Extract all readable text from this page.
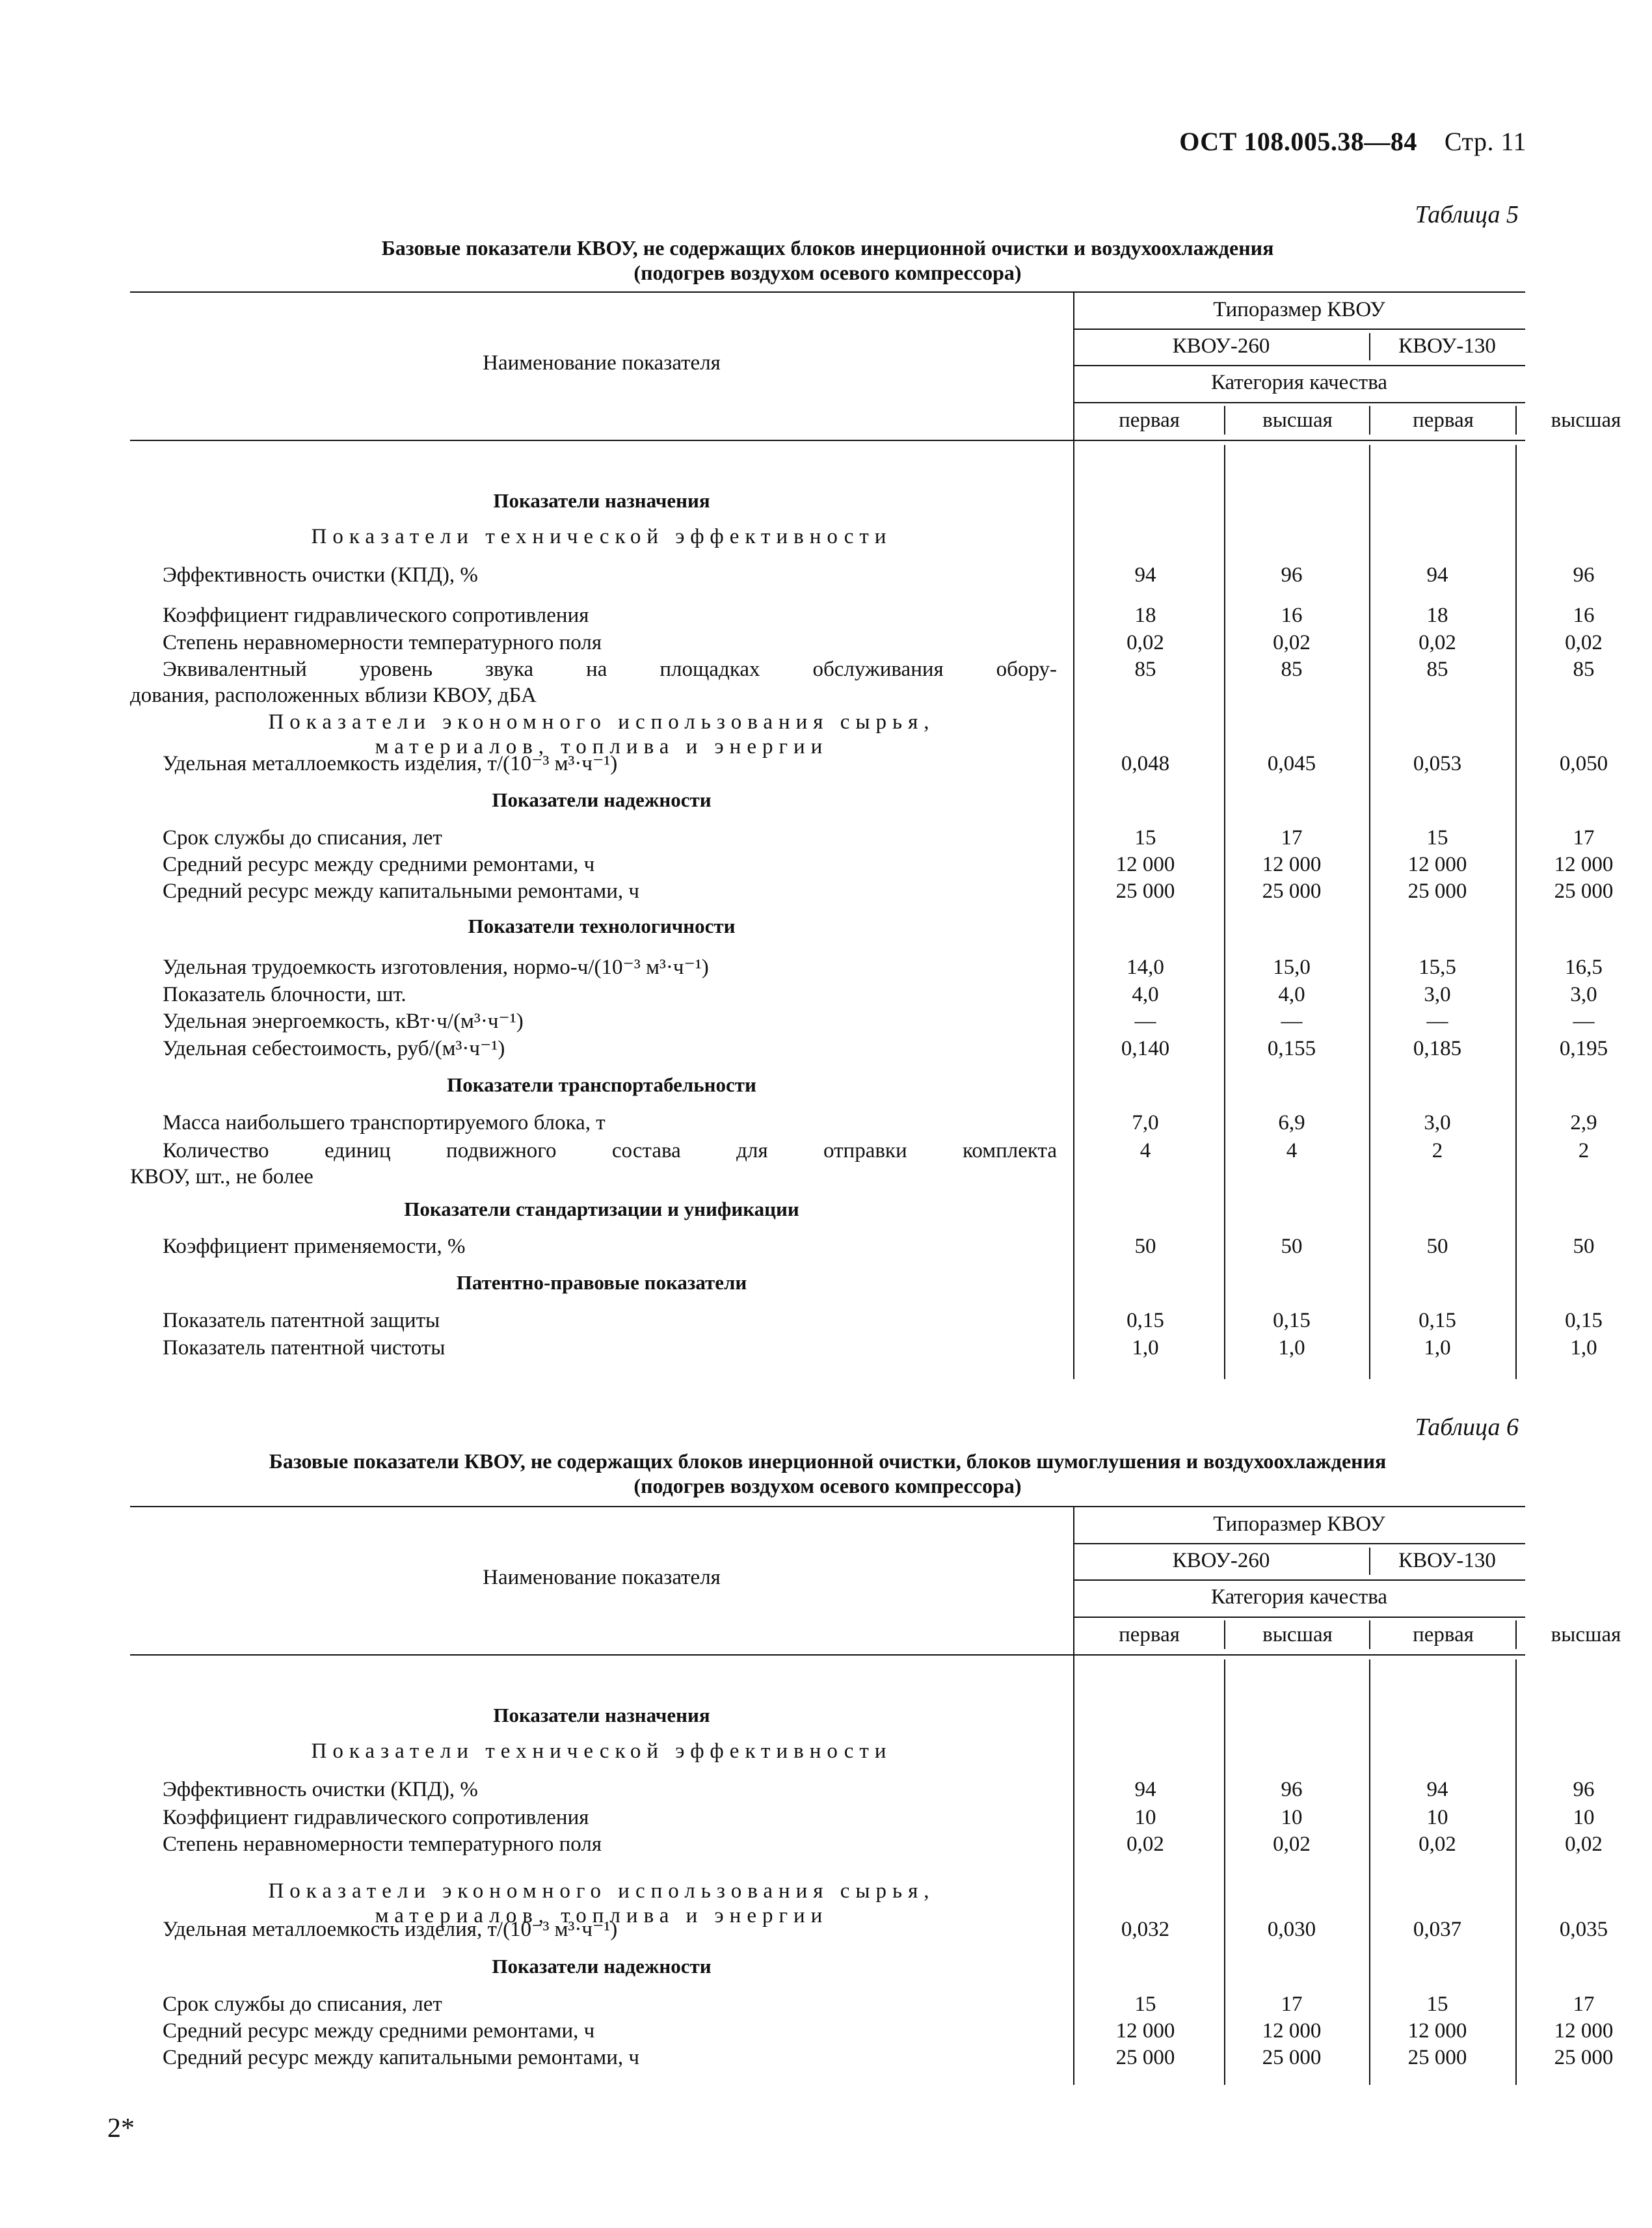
ОСТ 108.005.38—84 Стр. 11
Таблица 5
Базовые показатели КВОУ, не содержащих блоков инерционной очистки и воздухоохлаждения
(подогрев воздухом осевого компрессора)
Наименование показателя
Типоразмер КВОУ
КВОУ-260	КВОУ-130
Категория качества
первая	высшая	первая	высшая
Показатели назначения
Показатели технической эффективности
Эффективность очистки (КПД), %	94	96	94	96
Коэффициент гидравлического сопротивления	18	16	18	16
Степень неравномерности температурного поля	0,02	0,02	0,02	0,02
Эквивалентный уровень звука на площадках обслуживания обору-
дования, расположенных вблизи КВОУ, дБА
85	85	85	85
Показатели экономного использования сырья,
материалов, топлива и энергии
Удельная металлоемкость изделия, т/(10⁻³ м³·ч⁻¹)	0,048	0,045	0,053	0,050
Показатели надежности
Срок службы до списания, лет	15	17	15	17
Средний ресурс между средними ремонтами, ч	12 000	12 000	12 000	12 000
Средний ресурс между капитальными ремонтами, ч	25 000	25 000	25 000	25 000
Показатели технологичности
Удельная трудоемкость изготовления, нормо-ч/(10⁻³ м³·ч⁻¹)	14,0	15,0	15,5	16,5
Показатель блочности, шт.	4,0	4,0	3,0	3,0
Удельная энергоемкость, кВт·ч/(м³·ч⁻¹)	—	—	—	—
Удельная себестоимость, руб/(м³·ч⁻¹)	0,140	0,155	0,185	0,195
Показатели транспортабельности
Масса наибольшего транспортируемого блока, т	7,0	6,9	3,0	2,9
Количество единиц подвижного состава для отправки комплекта
КВОУ, шт., не более
4	4	2	2
Показатели стандартизации и унификации
Коэффициент применяемости, %	50	50	50	50
Патентно-правовые показатели
Показатель патентной защиты	0,15	0,15	0,15	0,15
Показатель патентной чистоты	1,0	1,0	1,0	1,0
Таблица 6
Базовые показатели КВОУ, не содержащих блоков инерционной очистки, блоков шумоглушения и воздухоохлаждения
(подогрев воздухом осевого компрессора)
Наименование показателя
Типоразмер КВОУ
КВОУ-260	КВОУ-130
Категория качества
первая	высшая	первая	высшая
Показатели назначения
Показатели технической эффективности
Эффективность очистки (КПД), %	94	96	94	96
Коэффициент гидравлического сопротивления	10	10	10	10
Степень неравномерности температурного поля	0,02	0,02	0,02	0,02
Показатели экономного использования сырья,
материалов, топлива и энергии
Удельная металлоемкость изделия, т/(10⁻³ м³·ч⁻¹)	0,032	0,030	0,037	0,035
Показатели надежности
Срок службы до списания, лет	15	17	15	17
Средний ресурс между средними ремонтами, ч	12 000	12 000	12 000	12 000
Средний ресурс между капитальными ремонтами, ч	25 000	25 000	25 000	25 000
2*
